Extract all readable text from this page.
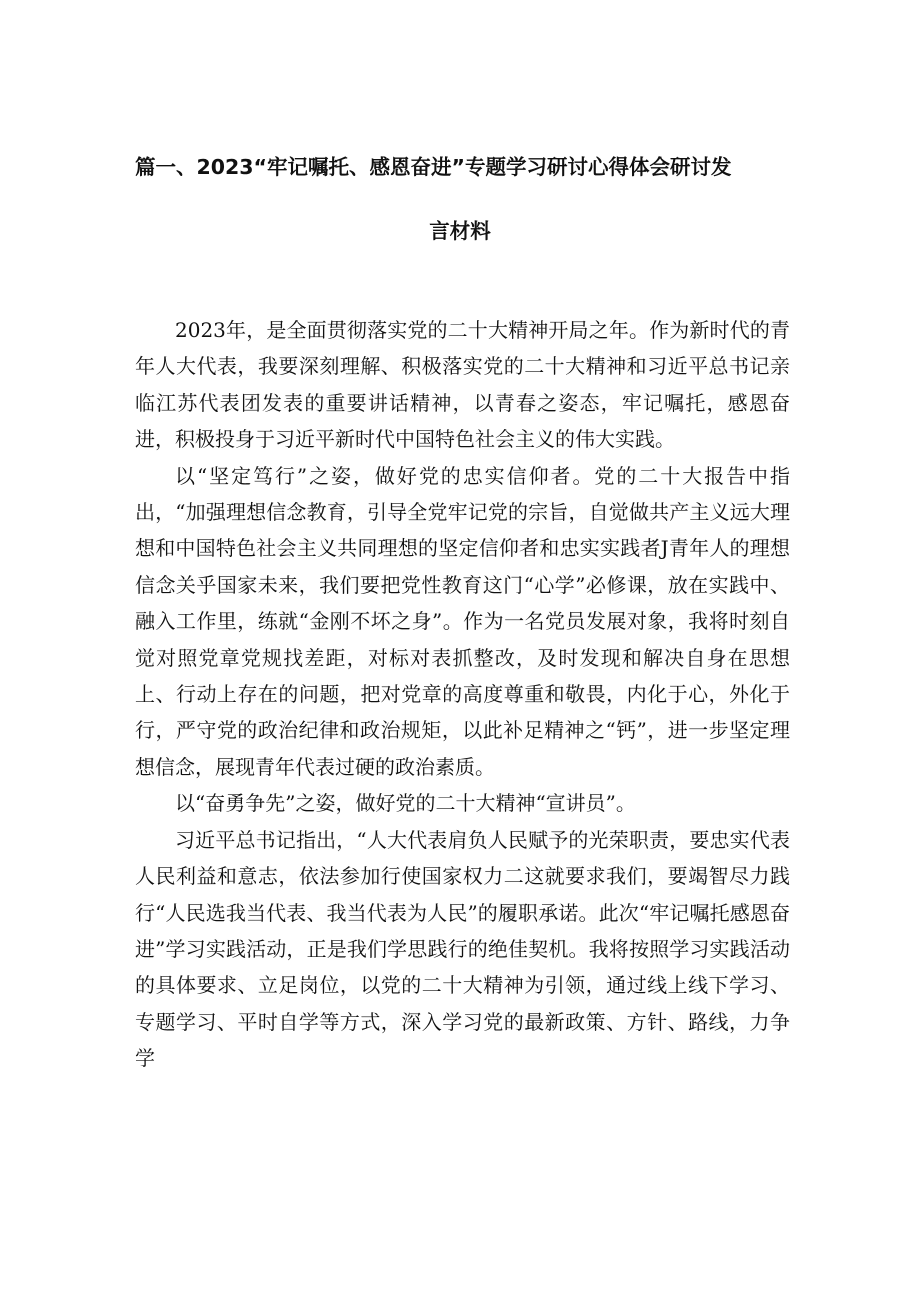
篇一、2023“牢记嘱托、感恩奋进”专题学习研讨心得体会研讨发
言材料

2023年，是全面贯彻落实党的二十大精神开局之年。作为新时代的青年人大代表，我要深刻理解、积极落实党的二十大精神和习近平总书记亲临江苏代表团发表的重要讲话精神，以青春之姿态，牢记嘱托，感恩奋进，积极投身于习近平新时代中国特色社会主义的伟大实践。

以“坚定笃行”之姿，做好党的忠实信仰者。党的二十大报告中指出，“加强理想信念教育，引导全党牢记党的宗旨，自觉做共产主义远大理想和中国特色社会主义共同理想的坚定信仰者和忠实实践者J青年人的理想信念关乎国家未来，我们要把党性教育这门“心学”必修课，放在实践中、融入工作里，练就“金刚不坏之身”。作为一名党员发展对象，我将时刻自觉对照党章党规找差距，对标对表抓整改，及时发现和解决自身在思想上、行动上存在的问题，把对党章的高度尊重和敬畏，内化于心，外化于行，严守党的政治纪律和政治规矩，以此补足精神之“钙”，进一步坚定理想信念，展现青年代表过硬的政治素质。

以“奋勇争先”之姿，做好党的二十大精神“宣讲员”。

习近平总书记指出，“人大代表肩负人民赋予的光荣职责，要忠实代表人民利益和意志，依法参加行使国家权力二这就要求我们，要竭智尽力践行“人民选我当代表、我当代表为人民”的履职承诺。此次“牢记嘱托感恩奋进”学习实践活动，正是我们学思践行的绝佳契机。我将按照学习实践活动的具体要求、立足岗位，以党的二十大精神为引领，通过线上线下学习、专题学习、平时自学等方式，深入学习党的最新政策、方针、路线，力争学
